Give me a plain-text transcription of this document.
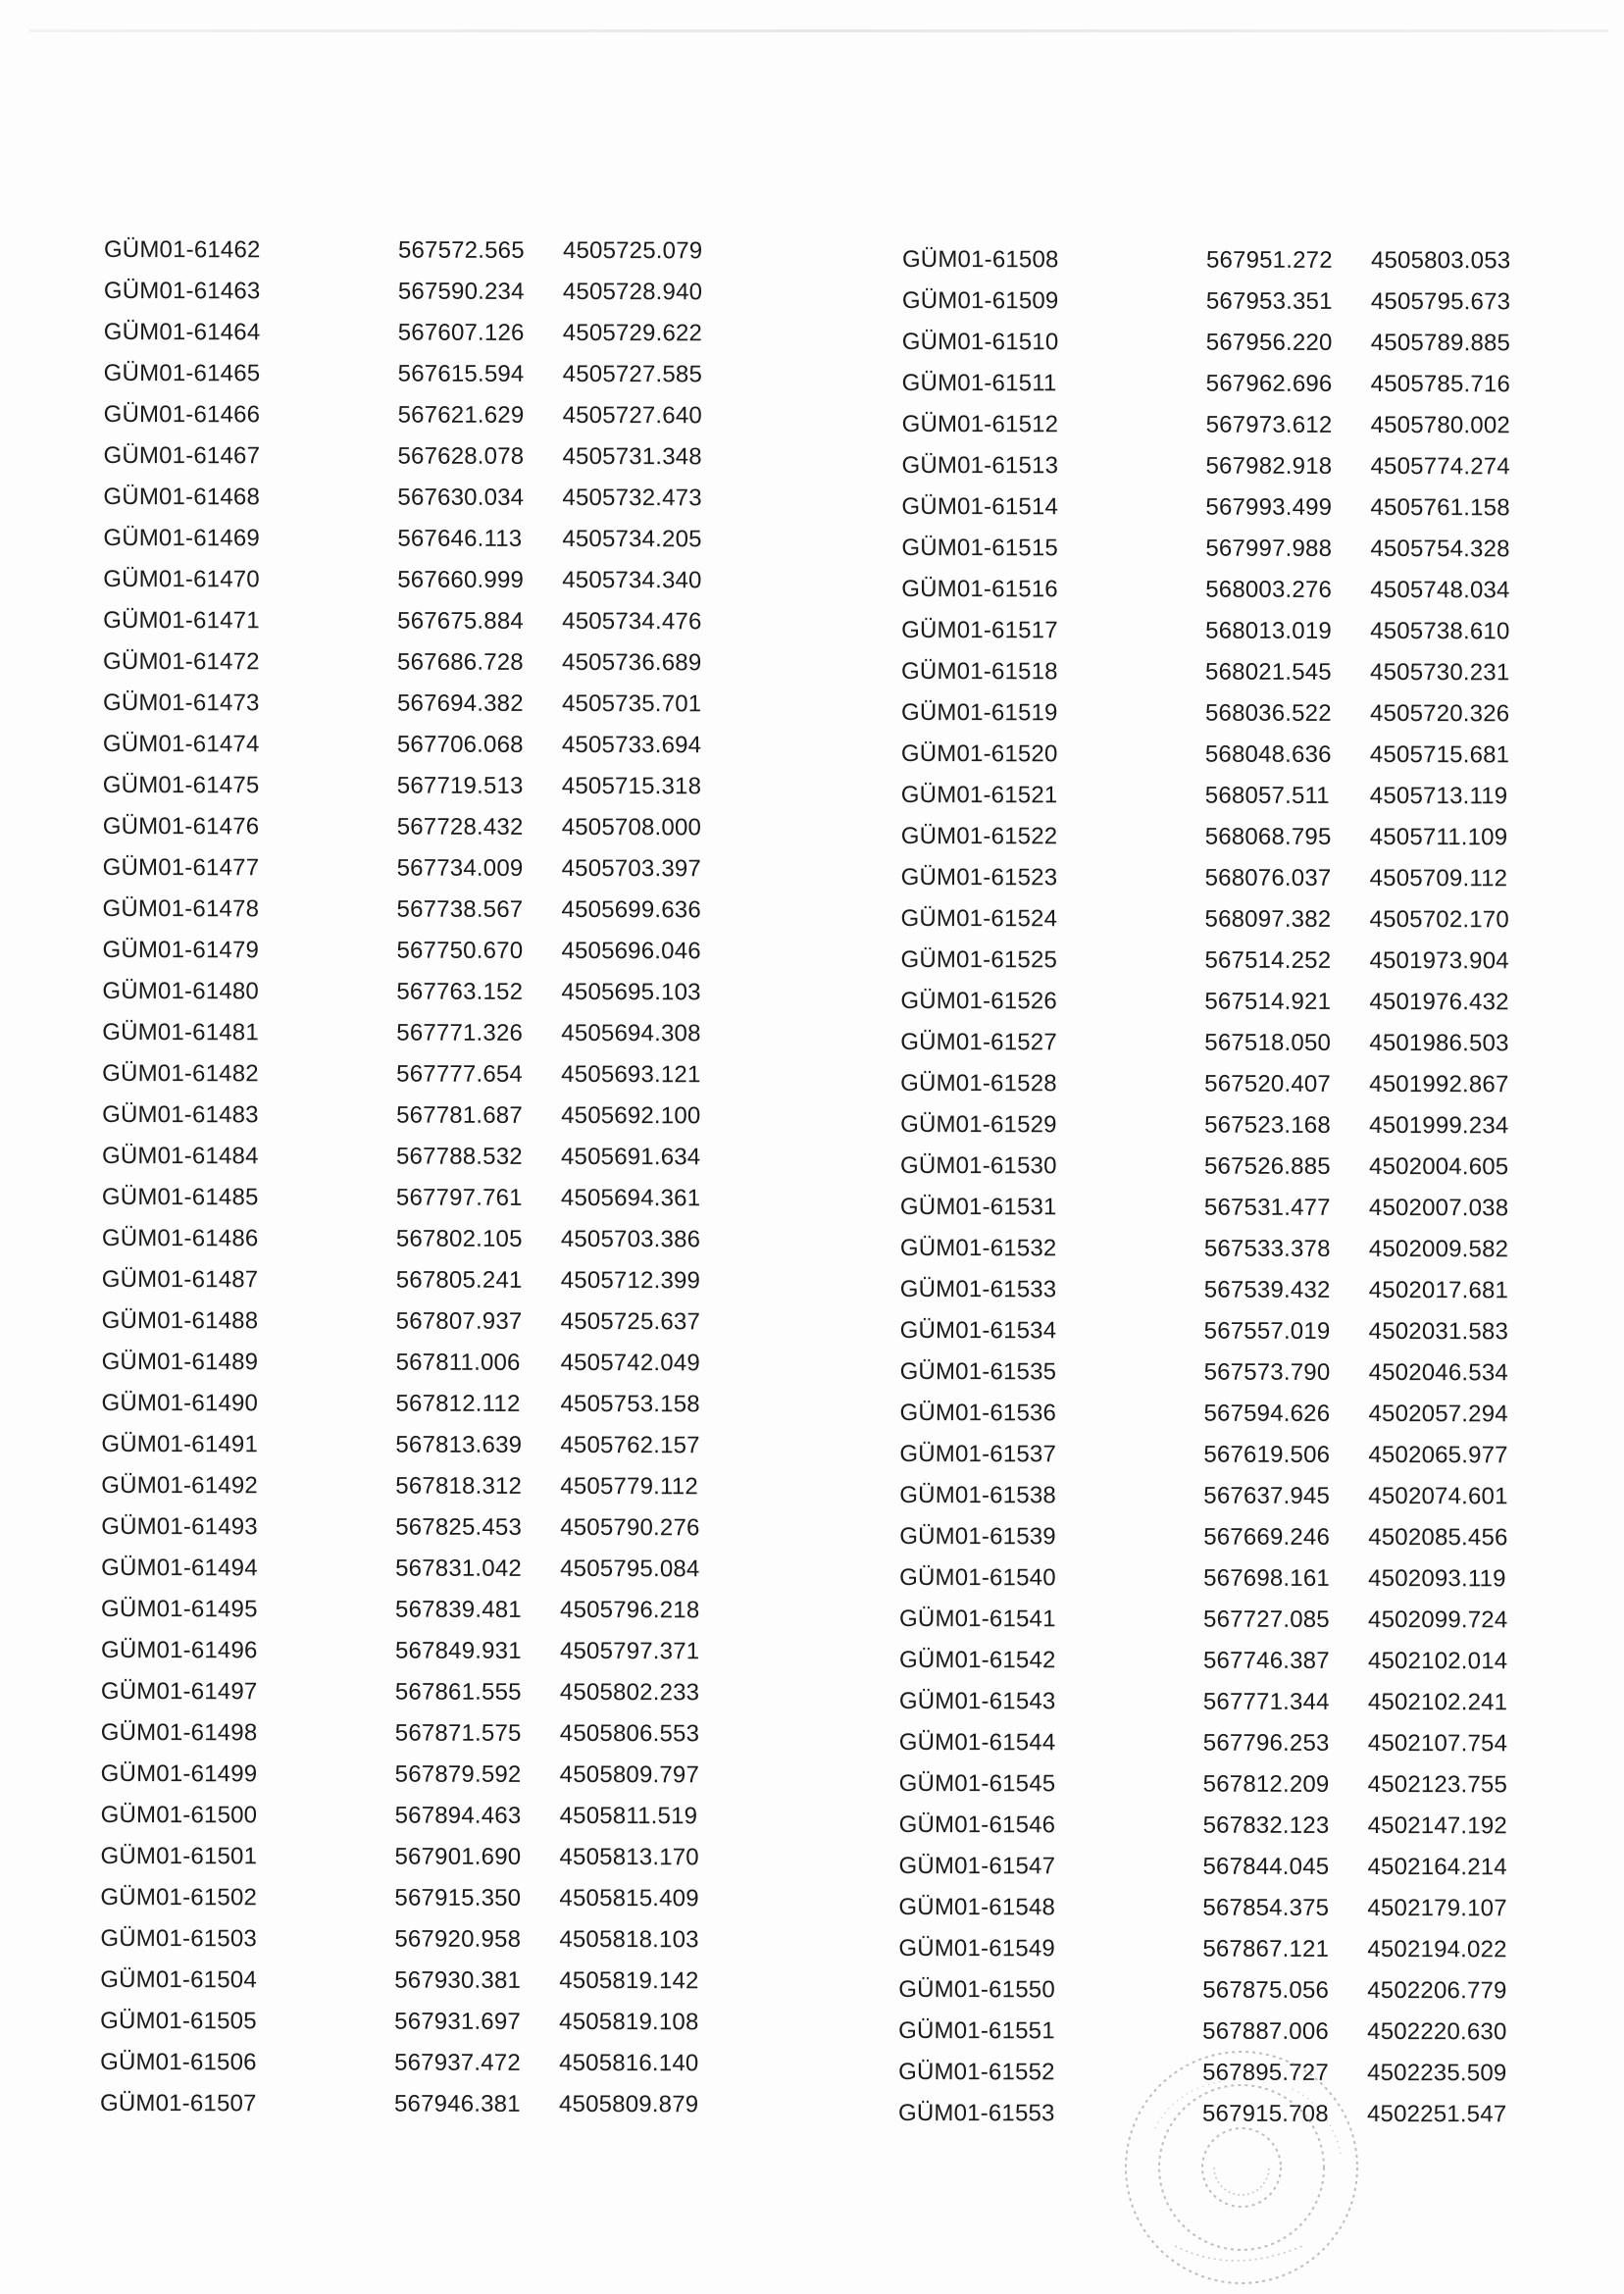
GÜM01-61462	567572.565	4505725.079
GÜM01-61463	567590.234	4505728.940
GÜM01-61464	567607.126	4505729.622
GÜM01-61465	567615.594	4505727.585
GÜM01-61466	567621.629	4505727.640
GÜM01-61467	567628.078	4505731.348
GÜM01-61468	567630.034	4505732.473
GÜM01-61469	567646.113	4505734.205
GÜM01-61470	567660.999	4505734.340
GÜM01-61471	567675.884	4505734.476
GÜM01-61472	567686.728	4505736.689
GÜM01-61473	567694.382	4505735.701
GÜM01-61474	567706.068	4505733.694
GÜM01-61475	567719.513	4505715.318
GÜM01-61476	567728.432	4505708.000
GÜM01-61477	567734.009	4505703.397
GÜM01-61478	567738.567	4505699.636
GÜM01-61479	567750.670	4505696.046
GÜM01-61480	567763.152	4505695.103
GÜM01-61481	567771.326	4505694.308
GÜM01-61482	567777.654	4505693.121
GÜM01-61483	567781.687	4505692.100
GÜM01-61484	567788.532	4505691.634
GÜM01-61485	567797.761	4505694.361
GÜM01-61486	567802.105	4505703.386
GÜM01-61487	567805.241	4505712.399
GÜM01-61488	567807.937	4505725.637
GÜM01-61489	567811.006	4505742.049
GÜM01-61490	567812.112	4505753.158
GÜM01-61491	567813.639	4505762.157
GÜM01-61492	567818.312	4505779.112
GÜM01-61493	567825.453	4505790.276
GÜM01-61494	567831.042	4505795.084
GÜM01-61495	567839.481	4505796.218
GÜM01-61496	567849.931	4505797.371
GÜM01-61497	567861.555	4505802.233
GÜM01-61498	567871.575	4505806.553
GÜM01-61499	567879.592	4505809.797
GÜM01-61500	567894.463	4505811.519
GÜM01-61501	567901.690	4505813.170
GÜM01-61502	567915.350	4505815.409
GÜM01-61503	567920.958	4505818.103
GÜM01-61504	567930.381	4505819.142
GÜM01-61505	567931.697	4505819.108
GÜM01-61506	567937.472	4505816.140
GÜM01-61507	567946.381	4505809.879
GÜM01-61508	567951.272	4505803.053
GÜM01-61509	567953.351	4505795.673
GÜM01-61510	567956.220	4505789.885
GÜM01-61511	567962.696	4505785.716
GÜM01-61512	567973.612	4505780.002
GÜM01-61513	567982.918	4505774.274
GÜM01-61514	567993.499	4505761.158
GÜM01-61515	567997.988	4505754.328
GÜM01-61516	568003.276	4505748.034
GÜM01-61517	568013.019	4505738.610
GÜM01-61518	568021.545	4505730.231
GÜM01-61519	568036.522	4505720.326
GÜM01-61520	568048.636	4505715.681
GÜM01-61521	568057.511	4505713.119
GÜM01-61522	568068.795	4505711.109
GÜM01-61523	568076.037	4505709.112
GÜM01-61524	568097.382	4505702.170
GÜM01-61525	567514.252	4501973.904
GÜM01-61526	567514.921	4501976.432
GÜM01-61527	567518.050	4501986.503
GÜM01-61528	567520.407	4501992.867
GÜM01-61529	567523.168	4501999.234
GÜM01-61530	567526.885	4502004.605
GÜM01-61531	567531.477	4502007.038
GÜM01-61532	567533.378	4502009.582
GÜM01-61533	567539.432	4502017.681
GÜM01-61534	567557.019	4502031.583
GÜM01-61535	567573.790	4502046.534
GÜM01-61536	567594.626	4502057.294
GÜM01-61537	567619.506	4502065.977
GÜM01-61538	567637.945	4502074.601
GÜM01-61539	567669.246	4502085.456
GÜM01-61540	567698.161	4502093.119
GÜM01-61541	567727.085	4502099.724
GÜM01-61542	567746.387	4502102.014
GÜM01-61543	567771.344	4502102.241
GÜM01-61544	567796.253	4502107.754
GÜM01-61545	567812.209	4502123.755
GÜM01-61546	567832.123	4502147.192
GÜM01-61547	567844.045	4502164.214
GÜM01-61548	567854.375	4502179.107
GÜM01-61549	567867.121	4502194.022
GÜM01-61550	567875.056	4502206.779
GÜM01-61551	567887.006	4502220.630
GÜM01-61552	567895.727	4502235.509
GÜM01-61553	567915.708	4502251.547
